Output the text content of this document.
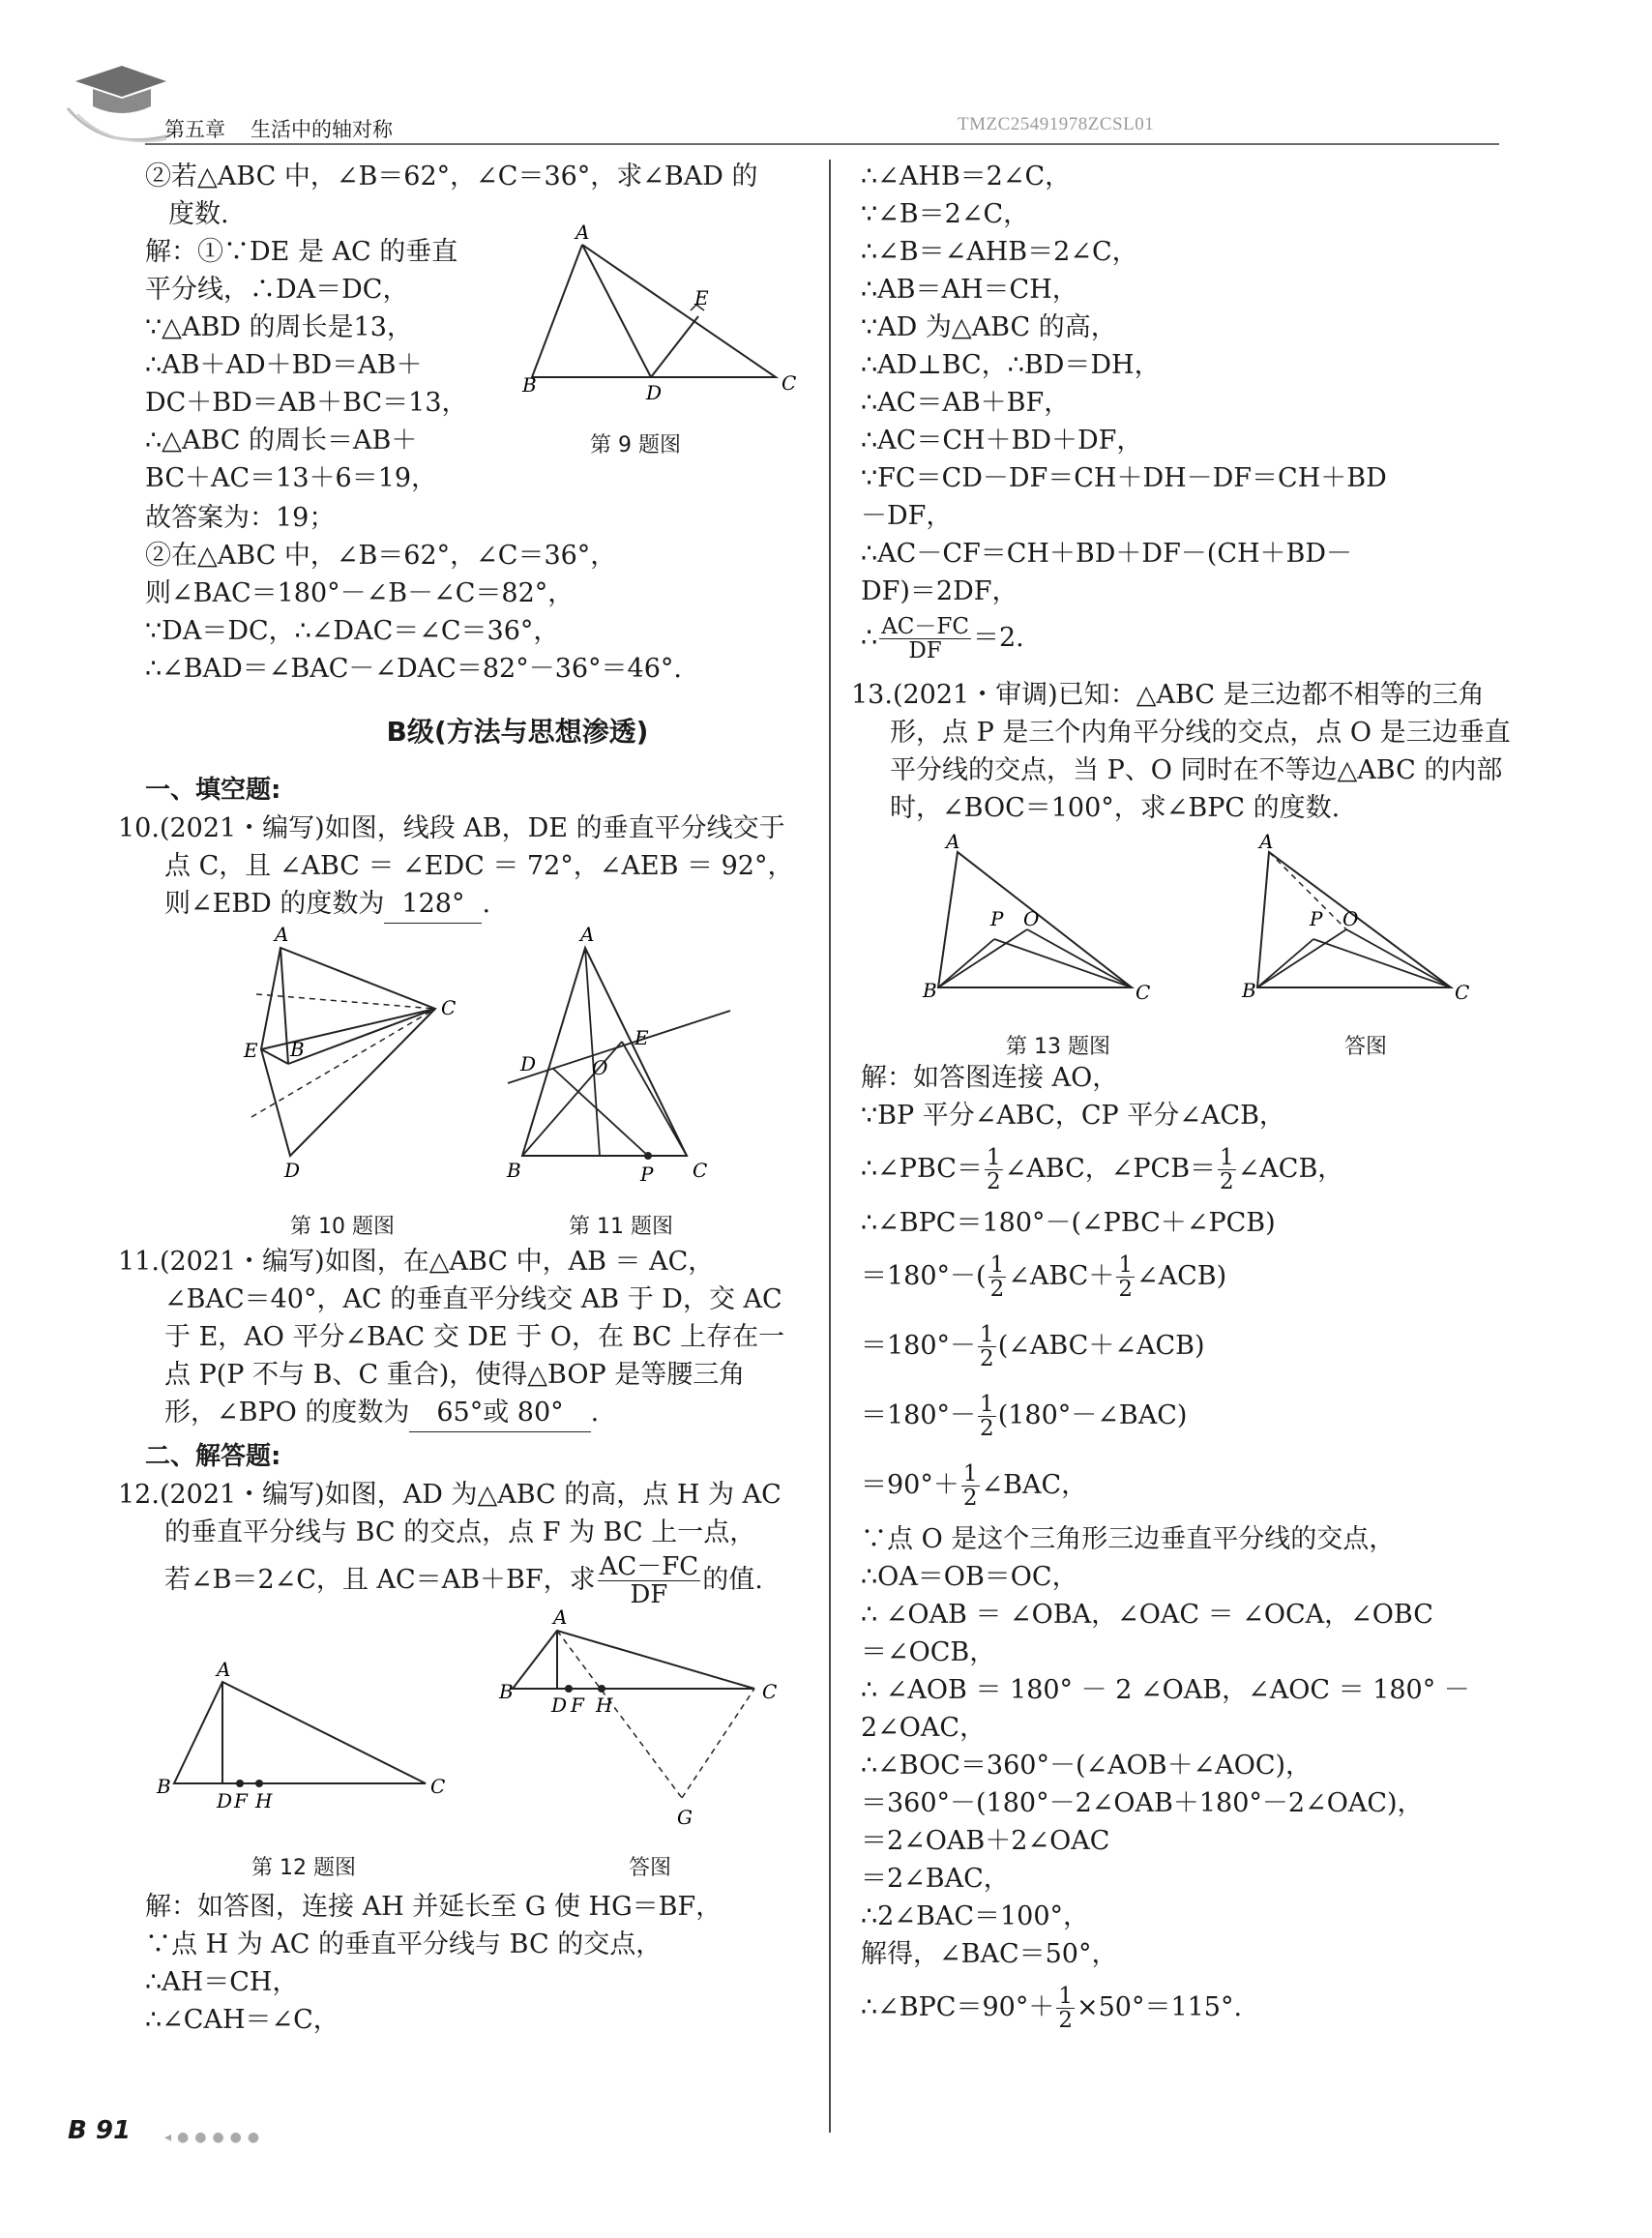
第五章 生活中的轴对称	TMZC25491978ZCSL01

②若△ABC 中，∠B＝62°，∠C＝36°，求∠BAD 的

度数.

解：①∵DE 是 AC 的垂直

平分线，∴DA＝DC，

∵△ABD 的周长是13，

∴AB＋AD＋BD＝AB＋

DC＋BD＝AB＋BC＝13，

∴△ABC 的周长＝AB＋

BC＋AC＝13＋6＝19，

A
B	C
D
E
第 9 题图

故答案为：19；

②在△ABC 中，∠B＝62°，∠C＝36°，

则∠BAC＝180°－∠B－∠C＝82°，

∵DA＝DC，∴∠DAC＝∠C＝36°，

∴∠BAD＝∠BAC－∠DAC＝82°－36°＝46°.

B级(方法与思想渗透)
一、填空题:

10.(2021・编写)如图，线段 AB，DE 的垂直平分线交于

点 C，且 ∠ABC ＝ ∠EDC ＝ 72°，∠AEB ＝ 92°，

则∠EBD 的度数为 128° .

A
B
C
D
E
A
B	C
D
E
O
P
第 10 题图	第 11 题图

11.(2021・编写)如图，在△ABC 中，AB ＝ AC，

∠BAC＝40°，AC 的垂直平分线交 AB 于 D，交 AC

于 E，AO 平分∠BAC 交 DE 于 O，在 BC 上存在一

点 P(P 不与 B、C 重合)，使得△BOP 是等腰三角

形，∠BPO 的度数为 65°或 80° .

二、解答题:

12.(2021・编写)如图，AD 为△ABC 的高，点 H 为 AC

的垂直平分线与 BC 的交点，点 F 为 BC 上一点，

若∠B＝2∠C，且 AC＝AB＋BF，求 $\frac{AC-FC}{DF}$ 的值.

A
B	C
D F H
A
B	C
D F H
G
第 12 题图	答图

解：如答图，连接 AH 并延长至 G 使 HG＝BF，

∵点 H 为 AC 的垂直平分线与 BC 的交点，

∴AH＝CH，

∴∠CAH＝∠C，

∴∠AHB＝2∠C，

∵∠B＝2∠C，

∴∠B＝∠AHB＝2∠C，

∴AB＝AH＝CH，

∵AD 为△ABC 的高，

∴AD⊥BC，∴BD＝DH，

∴AC＝AB＋BF，

∴AC＝CH＋BD＋DF，

∵FC＝CD－DF＝CH＋DH－DF＝CH＋BD

－DF，

∴AC－CF＝CH＋BD＋DF－(CH＋BD－

DF)＝2DF，

∴ $\frac{AC-FC}{DF} =2$.

13.(2021・审调)已知：△ABC 是三边都不相等的三角

形，点 P 是三个内角平分线的交点，点 O 是三边垂直

平分线的交点，当 P、O 同时在不等边△ABC 的内部

时，∠BOC＝100°，求∠BPC 的度数.

A
B	C
P O
A
B	C
P O
第 13 题图	答图

解：如答图连接 AO，

∵BP 平分∠ABC，CP 平分∠ACB，

∴∠PBC＝ $\frac{1}{2}$ ∠ABC，∠PCB＝ $\frac{1}{2}$ ∠ACB，

∴∠BPC＝180°－(∠PBC＋∠PCB)

$=180^\circ-( \frac{1}{2}$ ∠ABC＋ $\frac{1}{2}$ ∠ACB)

$=180^\circ- \frac{1}{2}$ (∠ABC＋∠ACB)

$=180^\circ- \frac{1}{2}$ (180°－∠BAC)

$=90^\circ+ \frac{1}{2}$ ∠BAC，

∵点 O 是这个三角形三边垂直平分线的交点，

∴OA＝OB＝OC，

∴ ∠OAB ＝ ∠OBA，∠OAC ＝ ∠OCA，∠OBC

＝∠OCB，

∴ ∠AOB ＝ 180° － 2 ∠OAB，∠AOC ＝ 180° －

2∠OAC，

∴∠BOC＝360°－(∠AOB＋∠AOC)，

＝360°－(180°－2∠OAB＋180°－2∠OAC)，

＝2∠OAB＋2∠OAC

＝2∠BAC，

∴2∠BAC＝100°，

解得，∠BAC＝50°，

∴∠BPC＝90°＋ $\frac{1}{2} \times 50^\circ=115^\circ$.

B 91 ◂●●●●●
